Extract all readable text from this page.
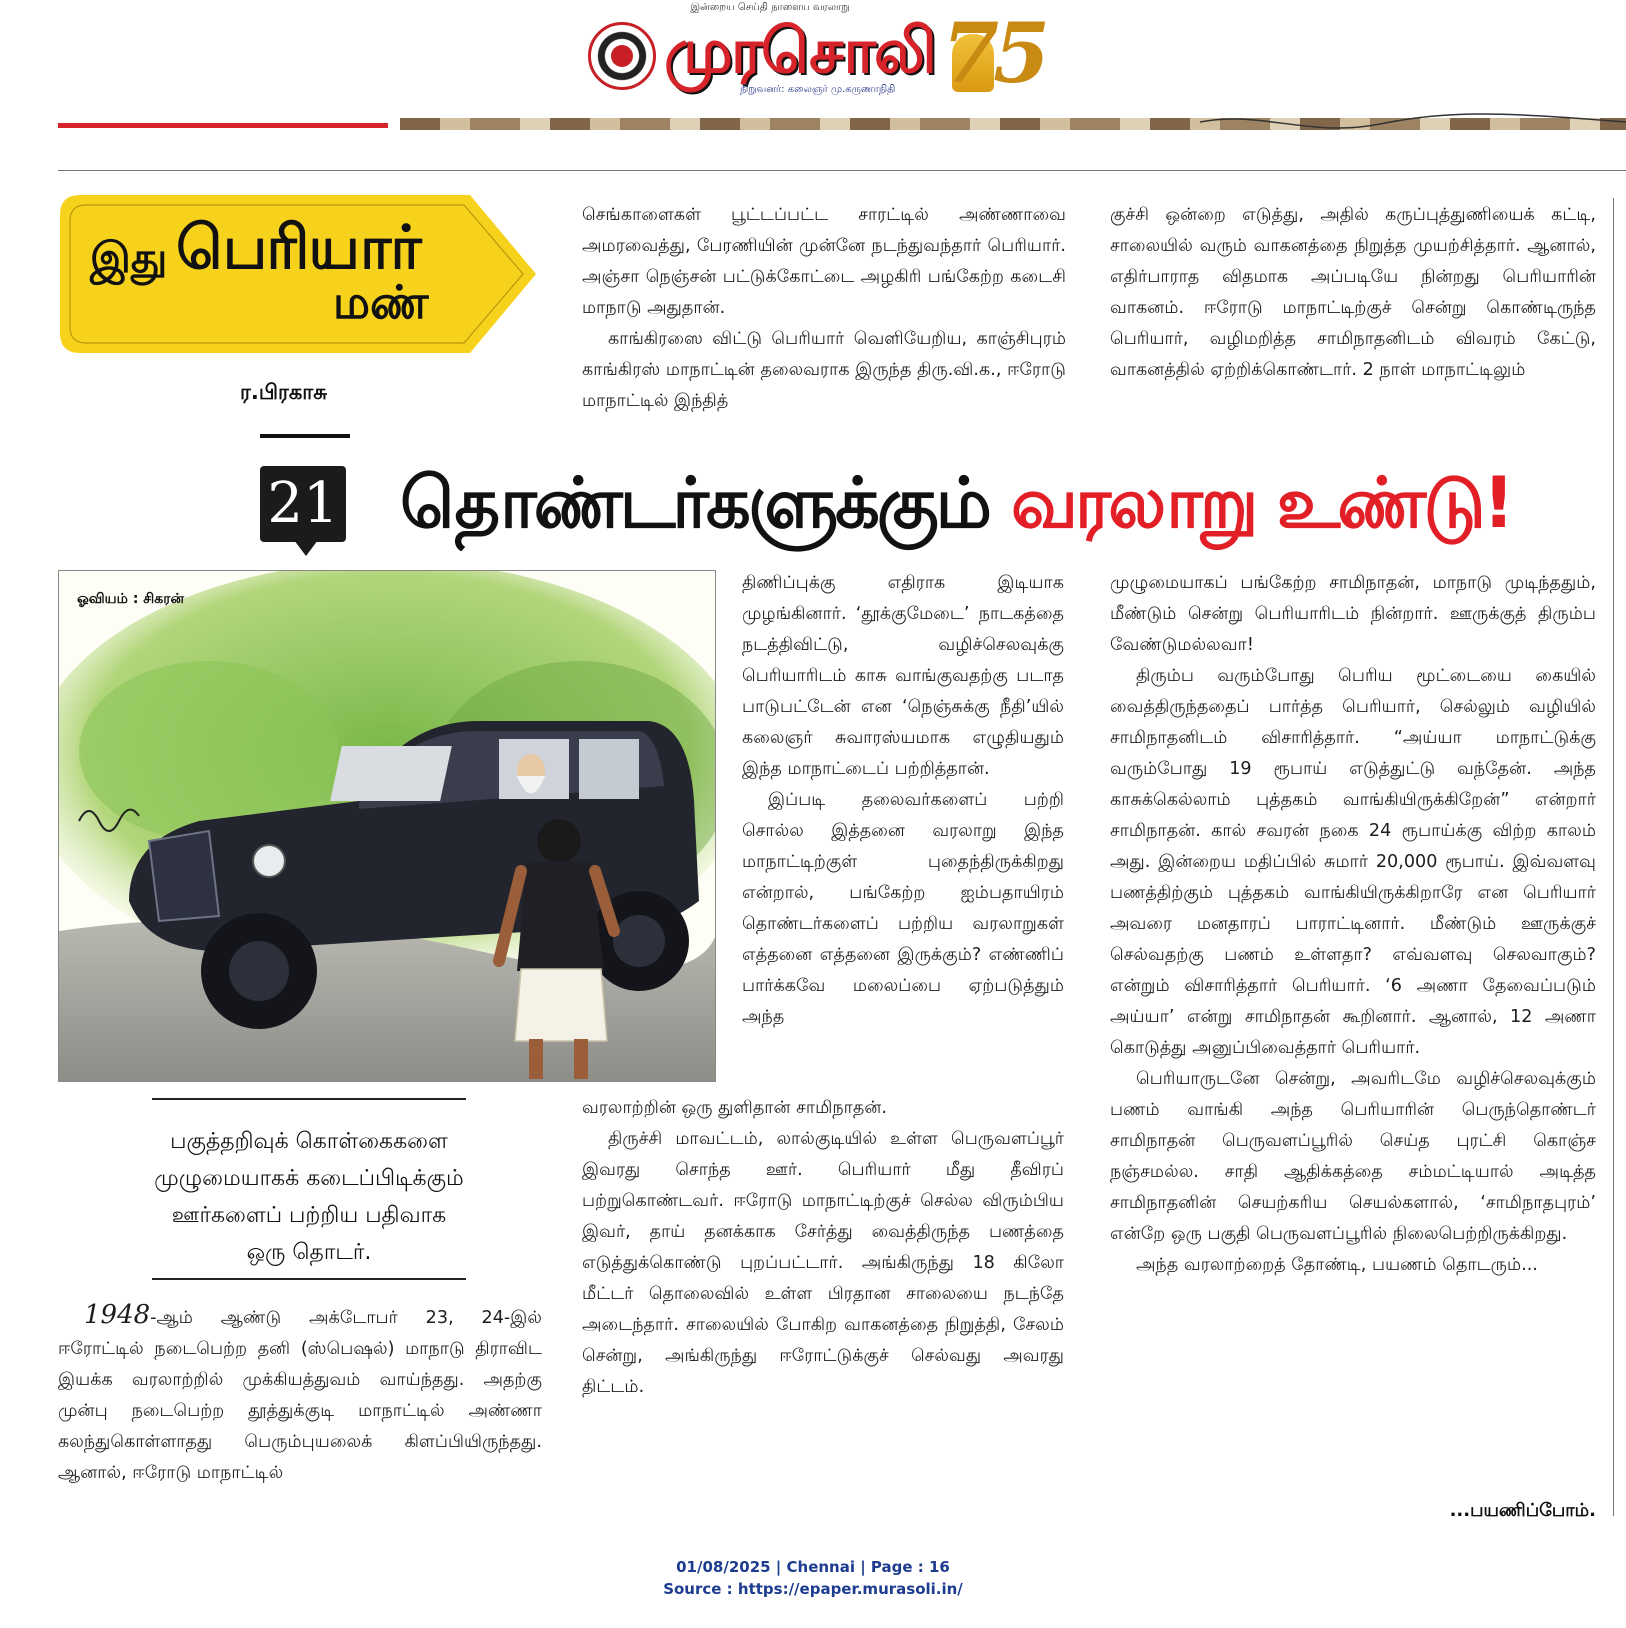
இன்றைய செய்தி நாளைய வரலாறு
முரசொலி
நிறுவனர்: கலைஞர் மு.கருணாநிதி 75
இது பெரியார்
மண்
ர.பிரகாசு
21 தொண்டர்களுக்கும் வரலாறு உண்டு!

செங்காளைகள் பூட்டப்பட்ட சாரட்டில் அண்ணாவை அமரவைத்து, பேரணியின் முன்னே நடந்துவந்தார் பெரியார். அஞ்சா நெஞ்சன் பட்டுக்கோட்டை அழகிரி பங்கேற்ற கடைசி மாநாடு அதுதான்.

காங்கிரஸை விட்டு பெரியார் வெளியேறிய, காஞ்சிபுரம் காங்கிரஸ் மாநாட்டின் தலைவராக இருந்த திரு.வி.க., ஈரோடு மாநாட்டில் இந்தித்

குச்சி ஒன்றை எடுத்து, அதில் கருப்புத்துணியைக் கட்டி, சாலையில் வரும் வாகனத்தை நிறுத்த முயற்சித்தார். ஆனால், எதிர்பாராத விதமாக அப்படியே நின்றது பெரியாரின் வாகனம். ஈரோடு மாநாட்டிற்குச் சென்று கொண்டிருந்த பெரியார், வழிமறித்த சாமிநாதனிடம் விவரம் கேட்டு, வாகனத்தில் ஏற்றிக்கொண்டார். 2 நாள் மாநாட்டிலும்

ஓவியம் : சிகரன்
பகுத்தறிவுக் கொள்கைகளை
முழுமையாகக் கடைப்பிடிக்கும்
ஊர்களைப் பற்றிய பதிவாக
ஒரு தொடர்.

1948-ஆம் ஆண்டு அக்டோபர் 23, 24-இல் ஈரோட்டில் நடைபெற்ற தனி (ஸ்பெஷல்) மாநாடு திராவிட இயக்க வரலாற்றில் முக்கியத்துவம் வாய்ந்தது. அதற்கு முன்பு நடைபெற்ற தூத்துக்குடி மாநாட்டில் அண்ணா கலந்துகொள்ளாதது பெரும்புயலைக் கிளப்பியிருந்தது. ஆனால், ஈரோடு மாநாட்டில்

திணிப்புக்கு எதிராக இடியாக முழங்கினார். ‘தூக்குமேடை’ நாடகத்தை நடத்திவிட்டு, வழிச்செலவுக்கு பெரியாரிடம் காசு வாங்குவதற்கு படாத பாடுபட்டேன் என ‘நெஞ்சுக்கு நீதி’யில் கலைஞர் சுவாரஸ்யமாக எழுதியதும் இந்த மாநாட்டைப் பற்றித்தான்.

இப்படி தலைவர்களைப் பற்றி சொல்ல இத்தனை வரலாறு இந்த மாநாட்டிற்குள் புதைந்திருக்கிறது என்றால், பங்கேற்ற ஐம்பதாயிரம் தொண்டர்களைப் பற்றிய வரலாறுகள் எத்தனை எத்தனை இருக்கும்? எண்ணிப் பார்க்கவே மலைப்பை ஏற்படுத்தும் அந்த

வரலாற்றின் ஒரு துளிதான் சாமிநாதன்.

திருச்சி மாவட்டம், லால்குடியில் உள்ள பெருவளப்பூர் இவரது சொந்த ஊர். பெரியார் மீது தீவிரப் பற்றுகொண்டவர். ஈரோடு மாநாட்டிற்குச் செல்ல விரும்பிய இவர், தாய் தனக்காக சேர்த்து வைத்திருந்த பணத்தை எடுத்துக்கொண்டு புறப்பட்டார். அங்கிருந்து 18 கிலோ மீட்டர் தொலைவில் உள்ள பிரதான சாலையை நடந்தே அடைந்தார். சாலையில் போகிற வாகனத்தை நிறுத்தி, சேலம் சென்று, அங்கிருந்து ஈரோட்டுக்குச் செல்வது அவரது திட்டம்.

முழுமையாகப் பங்கேற்ற சாமிநாதன், மாநாடு முடிந்ததும், மீண்டும் சென்று பெரியாரிடம் நின்றார். ஊருக்குத் திரும்ப வேண்டுமல்லவா!

திரும்ப வரும்போது பெரிய மூட்டையை கையில் வைத்திருந்ததைப் பார்த்த பெரியார், செல்லும் வழியில் சாமிநாதனிடம் விசாரித்தார். “அய்யா மாநாட்டுக்கு வரும்போது 19 ரூபாய் எடுத்துட்டு வந்தேன். அந்த காசுக்கெல்லாம் புத்தகம் வாங்கியிருக்கிறேன்” என்றார் சாமிநாதன். கால் சவரன் நகை 24 ரூபாய்க்கு விற்ற காலம் அது. இன்றைய மதிப்பில் சுமார் 20,000 ரூபாய். இவ்வளவு பணத்திற்கும் புத்தகம் வாங்கியிருக்கிறாரே என பெரியார் அவரை மனதாரப் பாராட்டினார். மீண்டும் ஊருக்குச் செல்வதற்கு பணம் உள்ளதா? எவ்வளவு செலவாகும்? என்றும் விசாரித்தார் பெரியார். ‘6 அணா தேவைப்படும் அய்யா’ என்று சாமிநாதன் கூறினார். ஆனால், 12 அணா கொடுத்து அனுப்பிவைத்தார் பெரியார்.

பெரியாருடனே சென்று, அவரிடமே வழிச்செலவுக்கும் பணம் வாங்கி அந்த பெரியாரின் பெருந்தொண்டர் சாமிநாதன் பெருவளப்பூரில் செய்த புரட்சி கொஞ்ச நஞ்சமல்ல. சாதி ஆதிக்கத்தை சம்மட்டியால் அடித்த சாமிநாதனின் செயற்கரிய செயல்களால், ‘சாமிநாதபுரம்’ என்றே ஒரு பகுதி பெருவளப்பூரில் நிலைபெற்றிருக்கிறது.

அந்த வரலாற்றைத் தோண்டி, பயணம் தொடரும்...

...பயணிப்போம்.
01/08/2025 | Chennai | Page : 16
Source : https://epaper.murasoli.in/
